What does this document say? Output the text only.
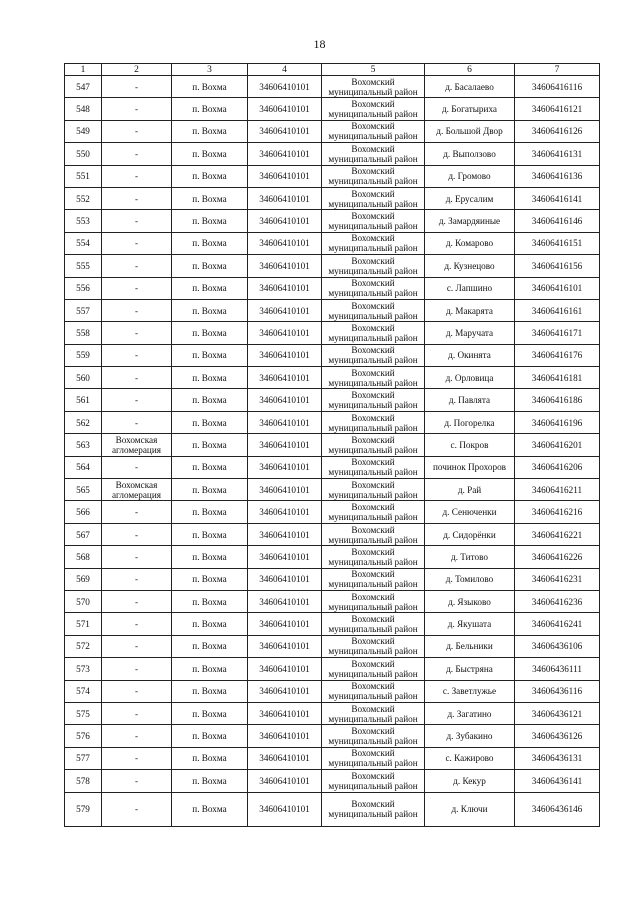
18
1	2	3	4	5	6	7
547	-	п. Вохма	34606410101	Вохомский муниципальный район	д. Басалаево	34606416116
548	-	п. Вохма	34606410101	Вохомский муниципальный район	д. Богатыриха	34606416121
549	-	п. Вохма	34606410101	Вохомский муниципальный район	д. Большой Двор	34606416126
550	-	п. Вохма	34606410101	Вохомский муниципальный район	д. Выползово	34606416131
551	-	п. Вохма	34606410101	Вохомский муниципальный район	д. Громово	34606416136
552	-	п. Вохма	34606410101	Вохомский муниципальный район	д. Ерусалим	34606416141
553	-	п. Вохма	34606410101	Вохомский муниципальный район	д. Замардяиные	34606416146
554	-	п. Вохма	34606410101	Вохомский муниципальный район	д. Комарово	34606416151
555	-	п. Вохма	34606410101	Вохомский муниципальный район	д. Кузнецово	34606416156
556	-	п. Вохма	34606410101	Вохомский муниципальный район	с. Лапшино	34606416101
557	-	п. Вохма	34606410101	Вохомский муниципальный район	д. Макарята	34606416161
558	-	п. Вохма	34606410101	Вохомский муниципальный район	д. Маручата	34606416171
559	-	п. Вохма	34606410101	Вохомский муниципальный район	д. Окинята	34606416176
560	-	п. Вохма	34606410101	Вохомский муниципальный район	д. Орловица	34606416181
561	-	п. Вохма	34606410101	Вохомский муниципальный район	д. Павлята	34606416186
562	-	п. Вохма	34606410101	Вохомский муниципальный район	д. Погорелка	34606416196
563	Вохомская агломерация	п. Вохма	34606410101	Вохомский муниципальный район	с. Покров	34606416201
564	-	п. Вохма	34606410101	Вохомский муниципальный район	починок Прохоров	34606416206
565	Вохомская агломерация	п. Вохма	34606410101	Вохомский муниципальный район	д. Рай	34606416211
566	-	п. Вохма	34606410101	Вохомский муниципальный район	д. Сенюченки	34606416216
567	-	п. Вохма	34606410101	Вохомский муниципальный район	д. Сидорёнки	34606416221
568	-	п. Вохма	34606410101	Вохомский муниципальный район	д. Титово	34606416226
569	-	п. Вохма	34606410101	Вохомский муниципальный район	д. Томилово	34606416231
570	-	п. Вохма	34606410101	Вохомский муниципальный район	д. Языково	34606416236
571	-	п. Вохма	34606410101	Вохомский муниципальный район	д. Якушата	34606416241
572	-	п. Вохма	34606410101	Вохомский муниципальный район	д. Бельники	34606436106
573	-	п. Вохма	34606410101	Вохомский муниципальный район	д. Быстряна	34606436111
574	-	п. Вохма	34606410101	Вохомский муниципальный район	с. Заветлужье	34606436116
575	-	п. Вохма	34606410101	Вохомский муниципальный район	д. Загатино	34606436121
576	-	п. Вохма	34606410101	Вохомский муниципальный район	д. Зубакино	34606436126
577	-	п. Вохма	34606410101	Вохомский муниципальный район	с. Кажирово	34606436131
578	-	п. Вохма	34606410101	Вохомский муниципальный район	д. Кекур	34606436141
579	-	п. Вохма	34606410101	Вохомский муниципальный район	д. Ключи	34606436146
